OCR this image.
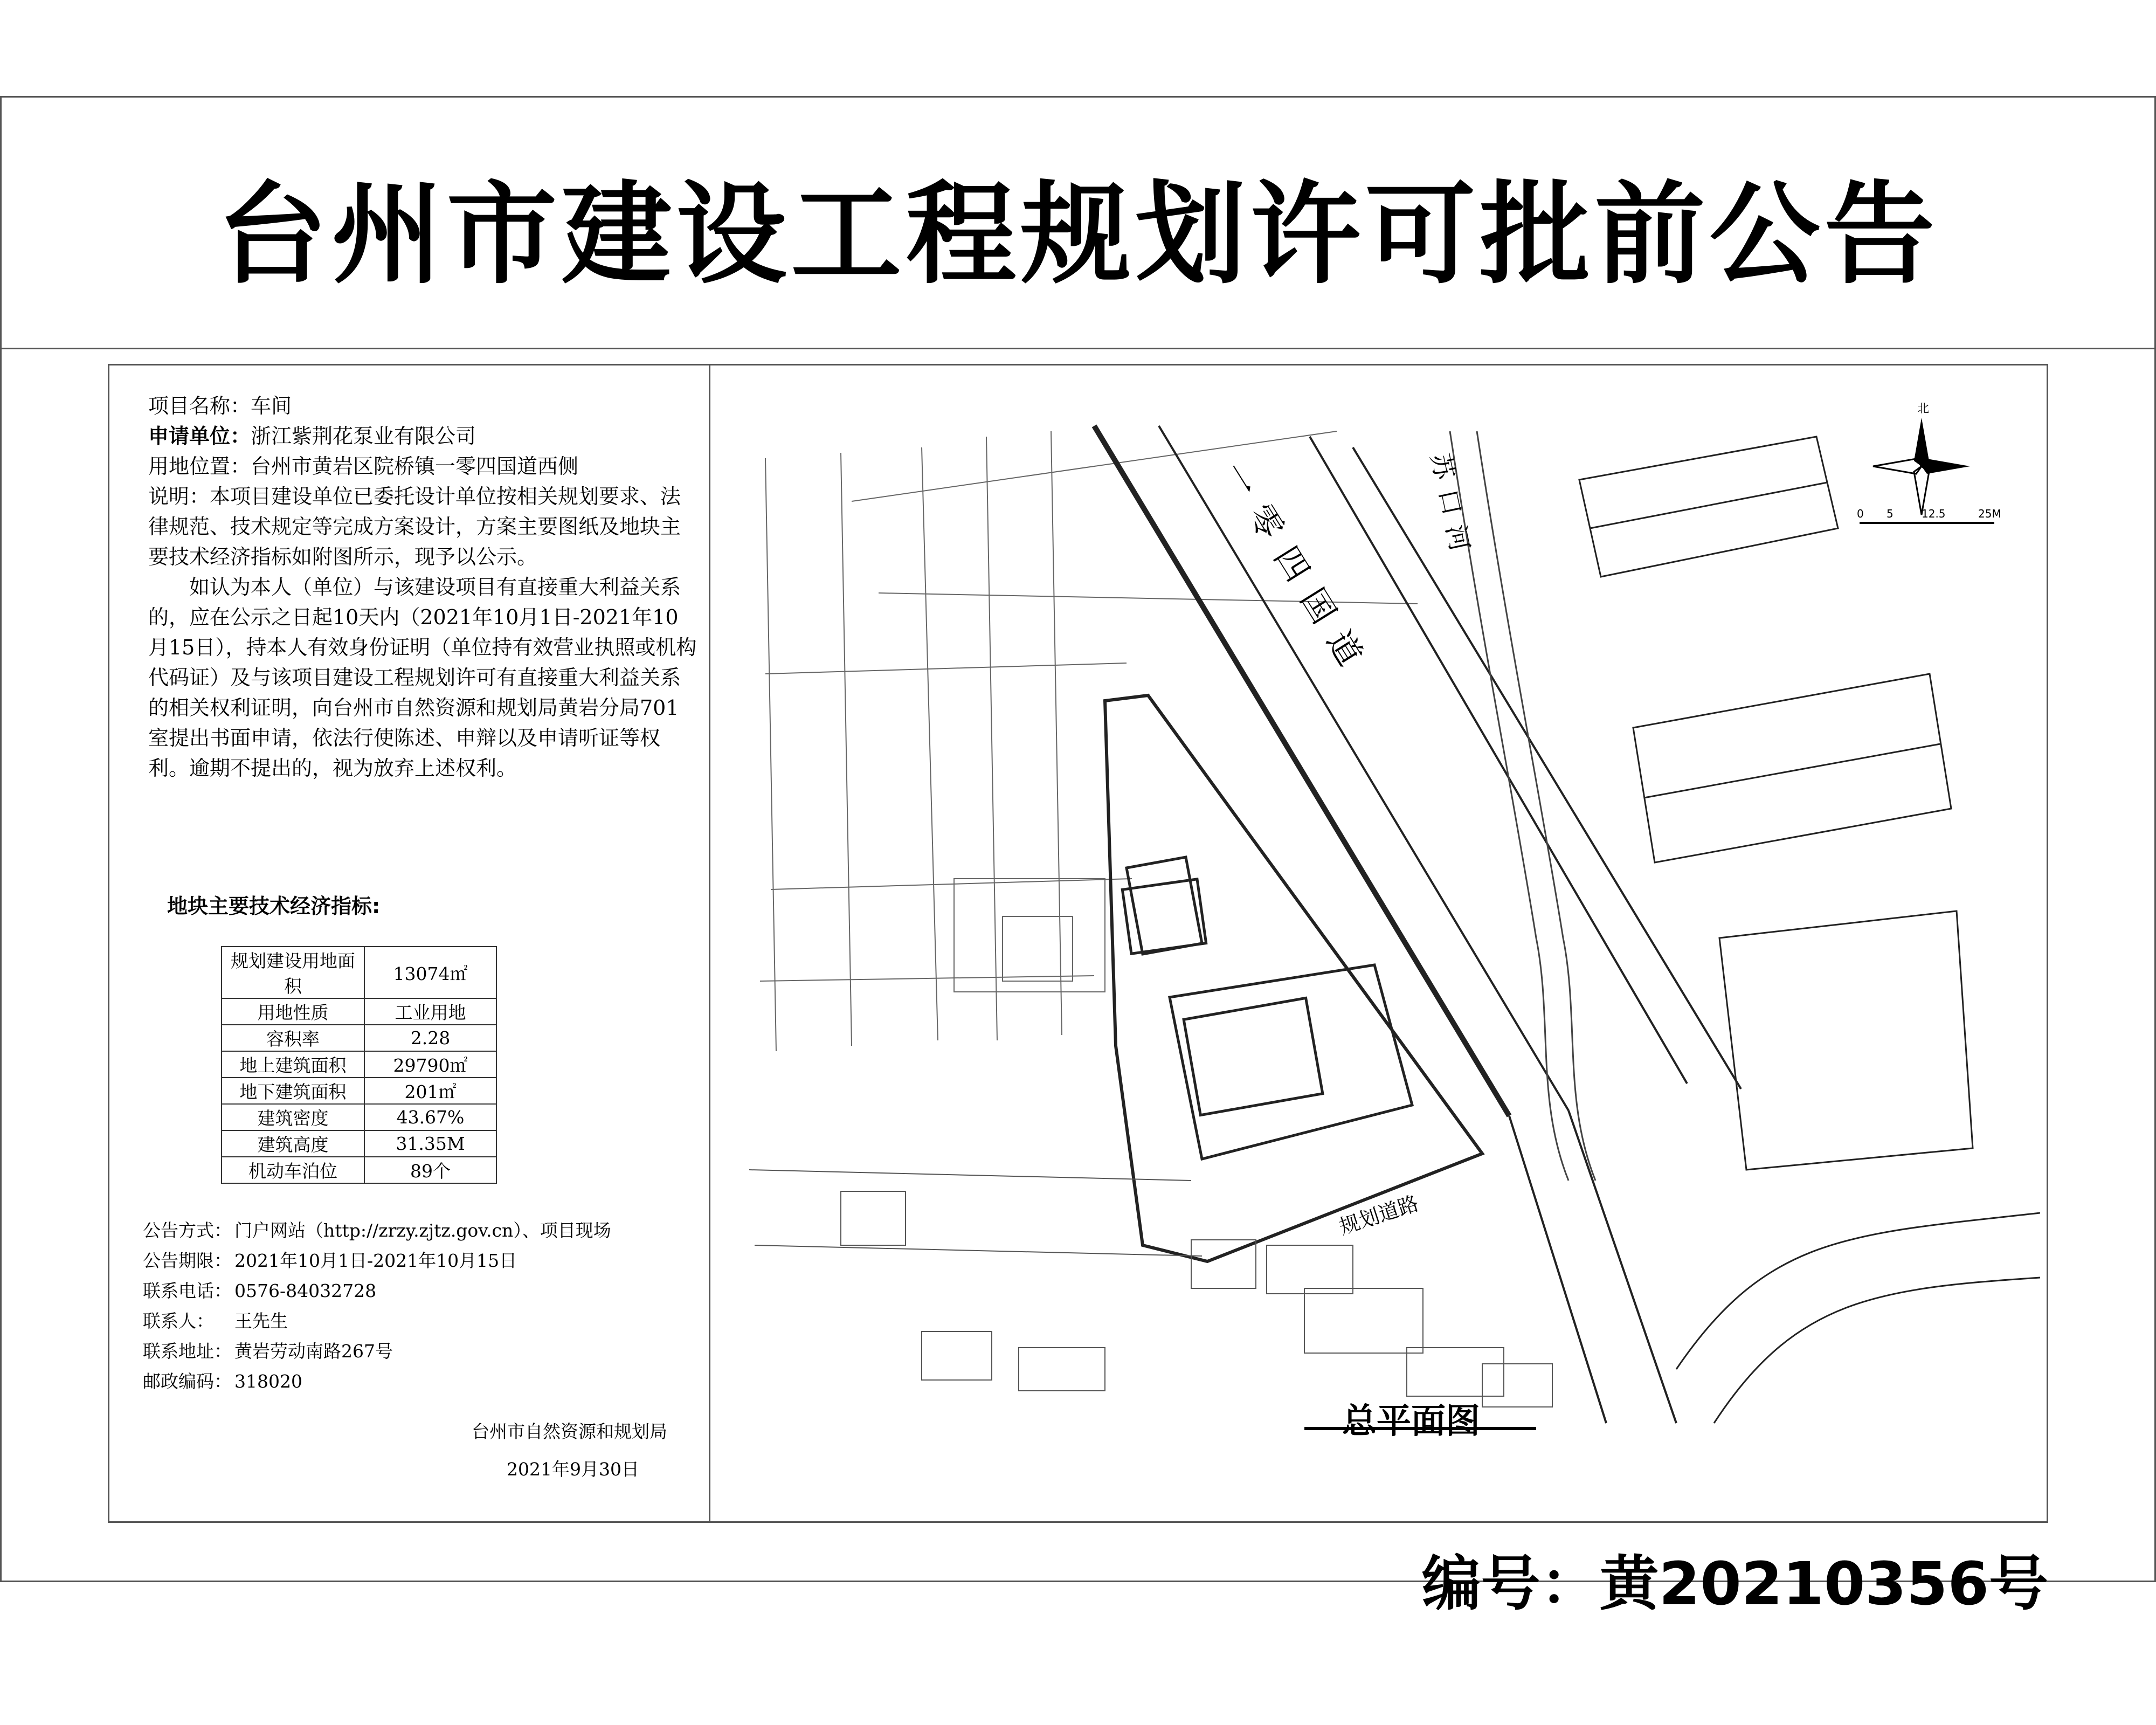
台州市建设工程规划许可批前公告

项目名称：车间

申请单位：浙江紫荆花泵业有限公司

用地位置：台州市黄岩区院桥镇一零四国道西侧

说明：本项目建设单位已委托设计单位按相关规划要求、法律规范、技术规定等完成方案设计，方案主要图纸及地块主要技术经济指标如附图所示，现予以公示。

如认为本人（单位）与该建设项目有直接重大利益关系的，应在公示之日起10天内（2021年10月1日-2021年10月15日），持本人有效身份证明（单位持有效营业执照或机构代码证）及与该项目建设工程规划许可有直接重大利益关系的相关权利证明，向台州市自然资源和规划局黄岩分局701室提出书面申请，依法行使陈述、申辩以及申请听证等权利。逾期不提出的，视为放弃上述权利。

地块主要技术经济指标:
规划建设用地面积	13074㎡
用地性质	工业用地
容积率	2.28
地上建筑面积	29790㎡
地下建筑面积	201㎡
建筑密度	43.67%
建筑高度	31.35M
机动车泊位	89个
公告方式： 门户网站（http://zrzy.zjtz.gov.cn）、项目现场
公告期限： 2021年10月1日-2021年10月15日
联系电话： 0576-84032728
联系人：	王先生
联系地址： 黄岩劳动南路267号
邮政编码： 318020
台州市自然资源和规划局
2021年9月30日
一零四国道 苏口河
规划道路
北
0 5	12.5	25M
总平面图
编号：黄20210356号
